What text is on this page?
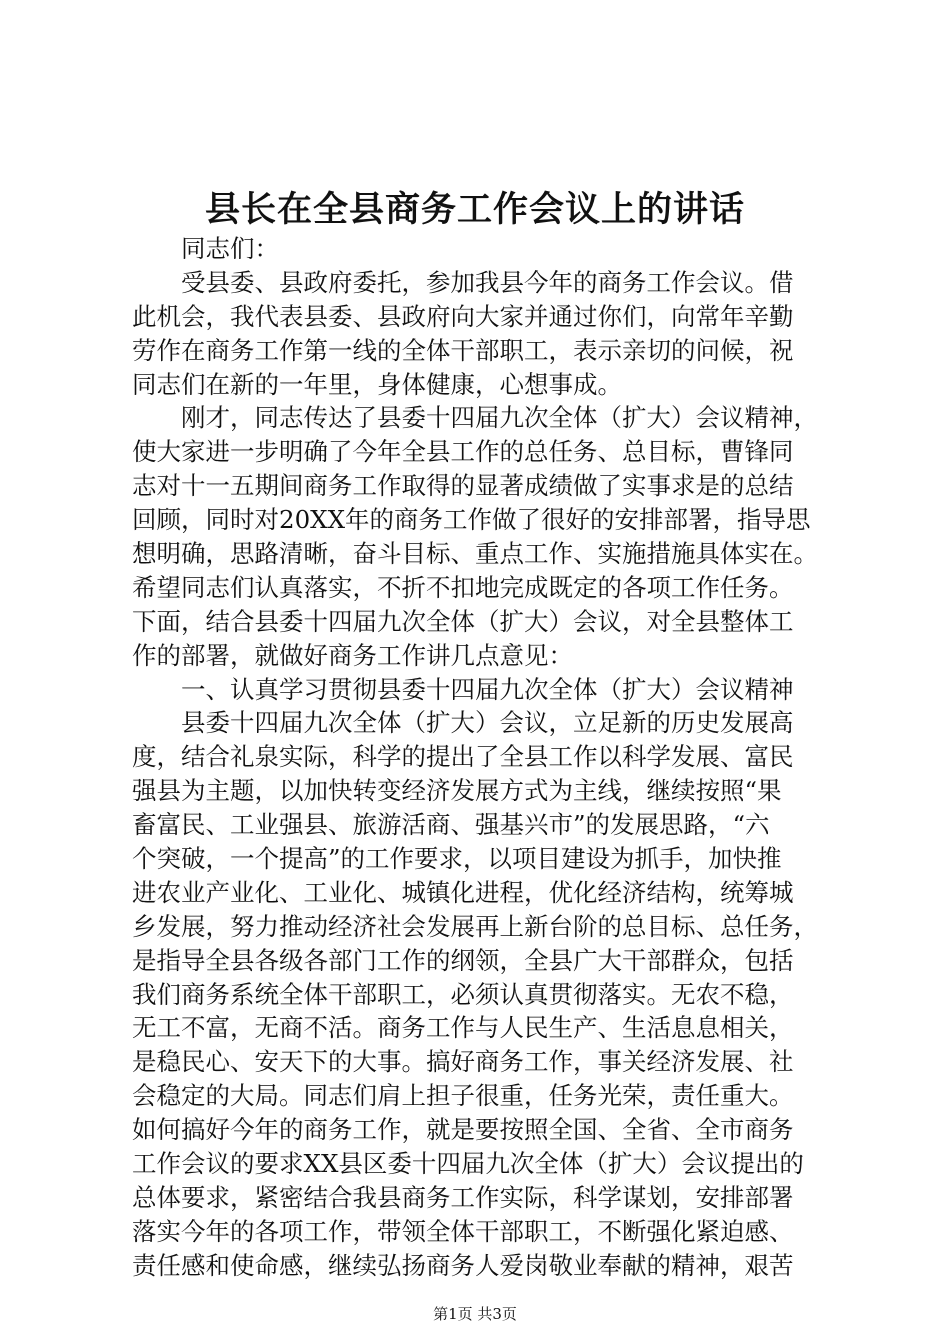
县长在全县商务工作会议上的讲话
同志们：
受县委、县政府委托，参加我县今年的商务工作会议。借
此机会，我代表县委、县政府向大家并通过你们，向常年辛勤
劳作在商务工作第一线的全体干部职工，表示亲切的问候，祝
同志们在新的一年里，身体健康，心想事成。
刚才，同志传达了县委十四届九次全体（扩大）会议精神，
使大家进一步明确了今年全县工作的总任务、总目标，曹锋同
志对十一五期间商务工作取得的显著成绩做了实事求是的总结
回顾，同时对20XX年的商务工作做了很好的安排部署，指导思
想明确，思路清晰，奋斗目标、重点工作、实施措施具体实在。
希望同志们认真落实，不折不扣地完成既定的各项工作任务。
下面，结合县委十四届九次全体（扩大）会议，对全县整体工
作的部署，就做好商务工作讲几点意见：
一、认真学习贯彻县委十四届九次全体（扩大）会议精神
县委十四届九次全体（扩大）会议，立足新的历史发展高
度，结合礼泉实际，科学的提出了全县工作以科学发展、富民
强县为主题，以加快转变经济发展方式为主线，继续按照“果
畜富民、工业强县、旅游活商、强基兴市”的发展思路，“六
个突破，一个提高”的工作要求，以项目建设为抓手，加快推
进农业产业化、工业化、城镇化进程，优化经济结构，统筹城
乡发展，努力推动经济社会发展再上新台阶的总目标、总任务，
是指导全县各级各部门工作的纲领，全县广大干部群众，包括
我们商务系统全体干部职工，必须认真贯彻落实。无农不稳，
无工不富，无商不活。商务工作与人民生产、生活息息相关，
是稳民心、安天下的大事。搞好商务工作，事关经济发展、社
会稳定的大局。同志们肩上担子很重，任务光荣，责任重大。
如何搞好今年的商务工作，就是要按照全国、全省、全市商务
工作会议的要求XX县区委十四届九次全体（扩大）会议提出的
总体要求，紧密结合我县商务工作实际，科学谋划，安排部署
落实今年的各项工作，带领全体干部职工，不断强化紧迫感、
责任感和使命感，继续弘扬商务人爱岗敬业奉献的精神，艰苦
第1页 共3页
